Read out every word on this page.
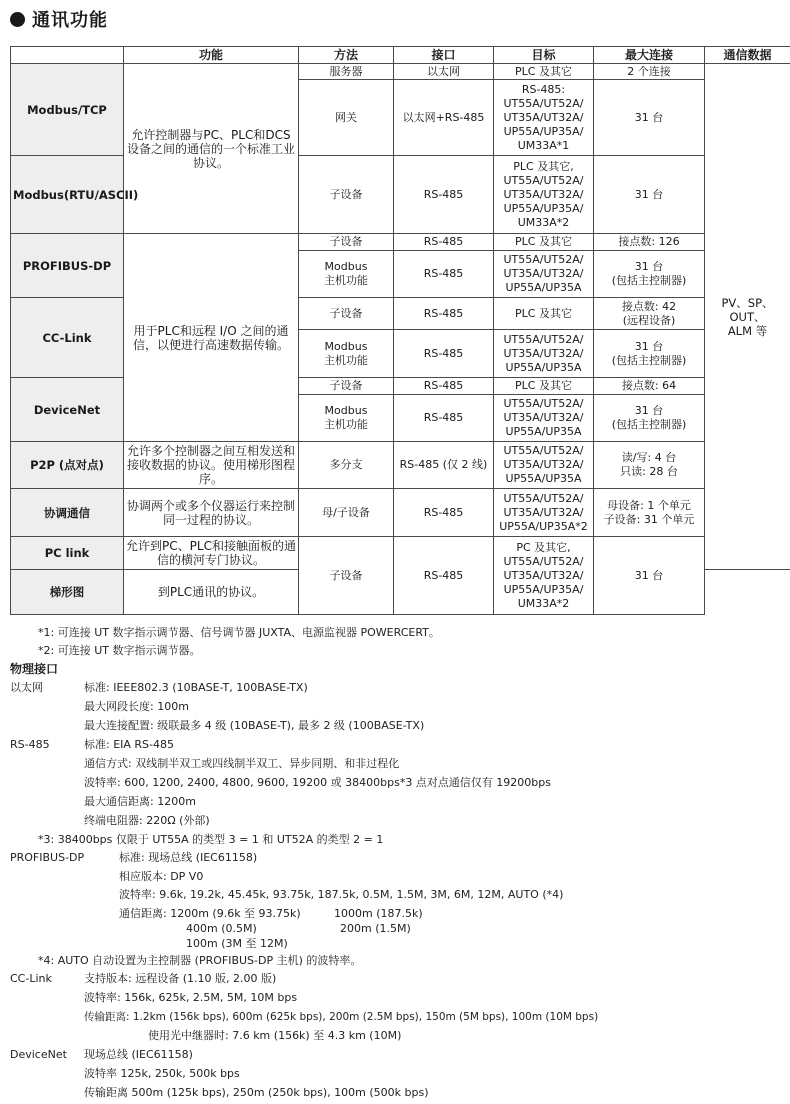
通讯功能
	功能	方法	接口	目标	最大连接	通信数据
Modbus/TCP	允许控制器与PC、PLC和DCS设备之间的通信的一个标准工业协议。	服务器	以太网	PLC 及其它	2 个连接	PV、SP、OUT、
ALM 等
		网关	以太网+RS-485	RS-485:
UT55A/UT52A/
UT35A/UT32A/
UP55A/UP35A/
UM33A*1	31 台	
Modbus(RTU/ASCII)		子设备	RS-485	PLC 及其它,
UT55A/UT52A/
UT35A/UT32A/
UP55A/UP35A/
UM33A*2	31 台	
PROFIBUS-DP	用于PLC和远程 I/O 之间的通信，以便进行高速数据传输。	子设备	RS-485	PLC 及其它	接点数: 126	
		Modbus
主机功能	RS-485	UT55A/UT52A/
UT35A/UT32A/
UP55A/UP35A	31 台
(包括主控制器)	
CC-Link		子设备	RS-485	PLC 及其它	接点数: 42
(远程设备)	
		Modbus
主机功能	RS-485	UT55A/UT52A/
UT35A/UT32A/
UP55A/UP35A	31 台
(包括主控制器)	
DeviceNet		子设备	RS-485	PLC 及其它	接点数: 64	
		Modbus
主机功能	RS-485	UT55A/UT52A/
UT35A/UT32A/
UP55A/UP35A	31 台
(包括主控制器)	
P2P (点对点)	允许多个控制器之间互相发送和接收数据的协议。使用梯形图程序。	多分支	RS-485 (仅 2 线)	UT55A/UT52A/
UT35A/UT32A/
UP55A/UP35A	读/写: 4 台
只读: 28 台	
协调通信	协调两个或多个仪器运行来控制同一过程的协议。	母/子设备	RS-485	UT55A/UT52A/
UT35A/UT32A/
UP55A/UP35A*2	母设备: 1 个单元
子设备: 31 个单元	
PC link	允许到PC、PLC和接触面板的通信的横河专门协议。	子设备	RS-485	PC 及其它,
UT55A/UT52A/
UT35A/UT32A/
UP55A/UP35A/
UM33A*2	31 台	
梯形图	到PLC通讯的协议。					
*1: 可连接 UT 数字指示调节器、信号调节器 JUXTA、电源监视器 POWERCERT。
*2: 可连接 UT 数字指示调节器。
物理接口
以太网	标准: IEEE802.3 (10BASE-T, 100BASE-TX)
最大网段长度: 100m
最大连接配置: 级联最多 4 级 (10BASE-T), 最多 2 级 (100BASE-TX)
RS-485	标准: EIA RS-485
通信方式: 双线制半双工或四线制半双工、异步同期、和非过程化
波特率: 600, 1200, 2400, 4800, 9600, 19200 或 38400bps*3 点对点通信仅有 19200bps
最大通信距离: 1200m
终端电阻器: 220Ω (外部)
*3: 38400bps 仅限于 UT55A 的类型 3 = 1 和 UT52A 的类型 2 = 1
PROFIBUS-DP	标准: 现场总线 (IEC61158)
相应版本: DP V0
波特率: 9.6k, 19.2k, 45.45k, 93.75k, 187.5k, 0.5M, 1.5M, 3M, 6M, 12M, AUTO (*4)
通信距离: 1200m (9.6k 至 93.75k)	1000m (187.5k)
400m (0.5M)	200m (1.5M)
100m (3M 至 12M)
*4: AUTO 自动设置为主控制器 (PROFIBUS-DP 主机) 的波特率。
CC-Link	支持版本: 远程设备 (1.10 版, 2.00 版)
波特率: 156k, 625k, 2.5M, 5M, 10M bps
传输距离: 1.2km (156k bps), 600m (625k bps), 200m (2.5M bps), 150m (5M bps), 100m (10M bps)
使用光中继器时: 7.6 km (156k) 至 4.3 km (10M)
DeviceNet 现场总线 (IEC61158)
波特率 125k, 250k, 500k bps
传输距离 500m (125k bps), 250m (250k bps), 100m (500k bps)
